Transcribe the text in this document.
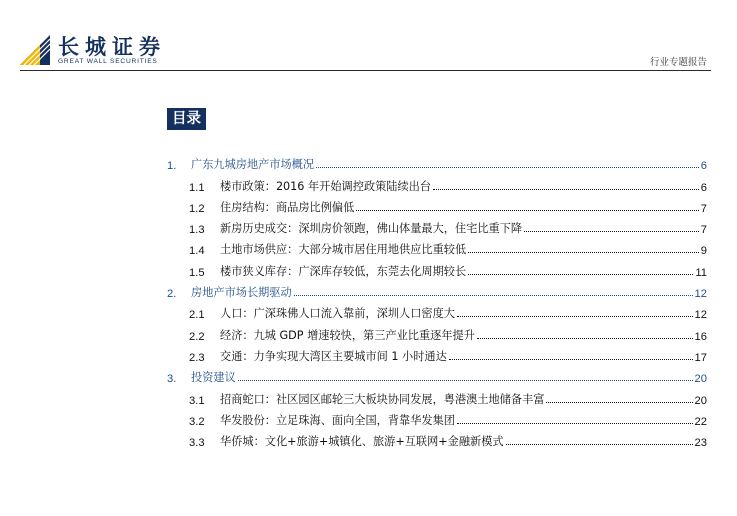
长城证券
GREAT WALL SECURITIES	行业专题报告
目录
1.	广东九城房地产市场概况	6
1.1	楼市政策：2016 年开始调控政策陆续出台	6
1.2	住房结构：商品房比例偏低	7
1.3	新房历史成交：深圳房价领跑，佛山体量最大，住宅比重下降	7
1.4	土地市场供应：大部分城市居住用地供应比重较低	9
1.5	楼市狭义库存：广深库存较低，东莞去化周期较长	11
2.	房地产市场长期驱动	12
2.1	人口：广深珠佛人口流入靠前，深圳人口密度大	12
2.2	经济：九城 GDP 增速较快，第三产业比重逐年提升	16
2.3	交通：力争实现大湾区主要城市间 1 小时通达	17
3.	投资建议	20
3.1	招商蛇口：社区园区邮轮三大板块协同发展，粤港澳土地储备丰富	20
3.2	华发股份：立足珠海、面向全国，背靠华发集团	22
3.3	华侨城：文化+旅游+城镇化、旅游+互联网+金融新模式	23
